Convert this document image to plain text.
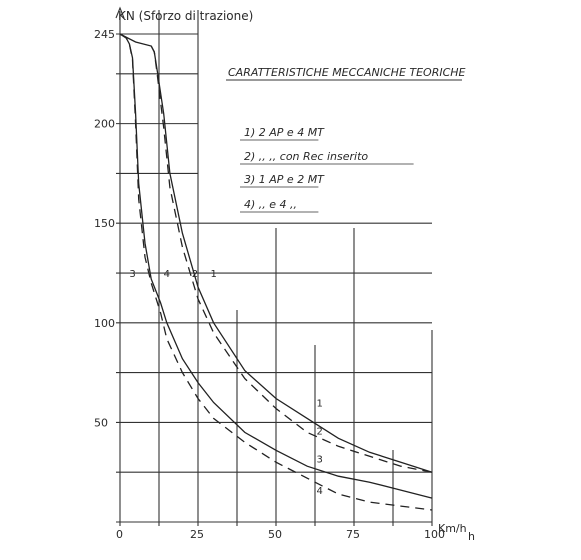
KN (Sforzo di trazione)
Km/h
h
0	25	50	75	100
245
200
150
100
50
CARATTERISTICHE MECCANICHE TEORICHE
1) 2 AP e 4 MT
2) ,, ,, con Rec inserito
3) 1 AP e 2 MT
4) ,, e 4 ,,
3	4 2 1
1
2
3
4
